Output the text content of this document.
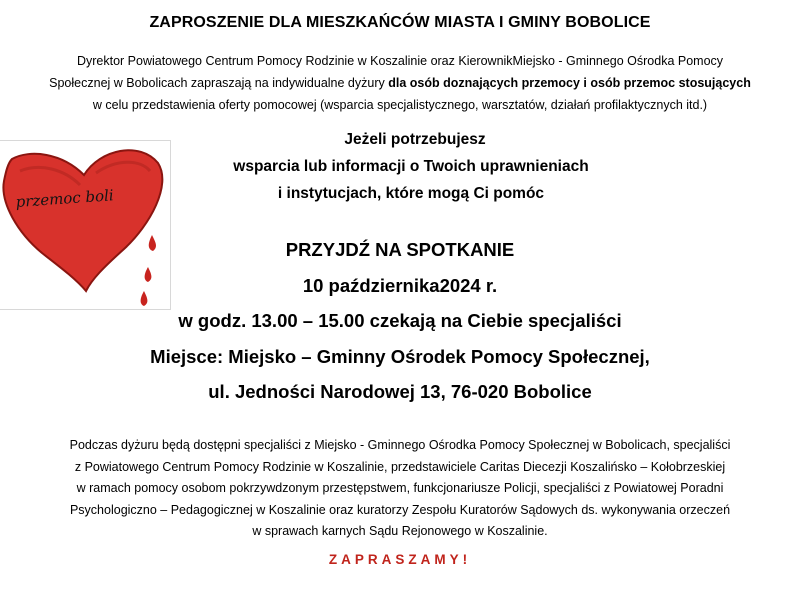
ZAPROSZENIE DLA MIESZKAŃCÓW MIASTA I GMINY BOBOLICE
Dyrektor Powiatowego Centrum Pomocy Rodzinie w Koszalinie oraz KierownikMiejsko - Gminnego Ośrodka Pomocy
Społecznej w Bobolicach zapraszają na indywidualne dyżury dla osób doznających przemocy i osób przemoc stosujących
w celu przedstawienia oferty pomocowej (wsparcia specjalistycznego, warsztatów, działań profilaktycznych itd.)
przemoc boli
Jeżeli potrzebujesz
wsparcia lub informacji o Twoich uprawnieniach
i instytucjach, które mogą Ci pomóc
PRZYJDŹ NA SPOTKANIE
10 października2024 r.
w godz. 13.00 – 15.00 czekają na Ciebie specjaliści
Miejsce: Miejsko – Gminny Ośrodek Pomocy Społecznej,
ul. Jedności Narodowej 13, 76-020 Bobolice
Podczas dyżuru będą dostępni specjaliści z Miejsko - Gminnego Ośrodka Pomocy Społecznej w Bobolicach, specjaliści
z Powiatowego Centrum Pomocy Rodzinie w Koszalinie, przedstawiciele Caritas Diecezji Koszalińsko – Kołobrzeskiej
w ramach pomocy osobom pokrzywdzonym przestępstwem, funkcjonariusze Policji, specjaliści z Powiatowej Poradni
Psychologiczno – Pedagogicznej w Koszalinie oraz kuratorzy Zespołu Kuratorów Sądowych ds. wykonywania orzeczeń
w sprawach karnych Sądu Rejonowego w Koszalinie.
ZAPRASZAMY!
